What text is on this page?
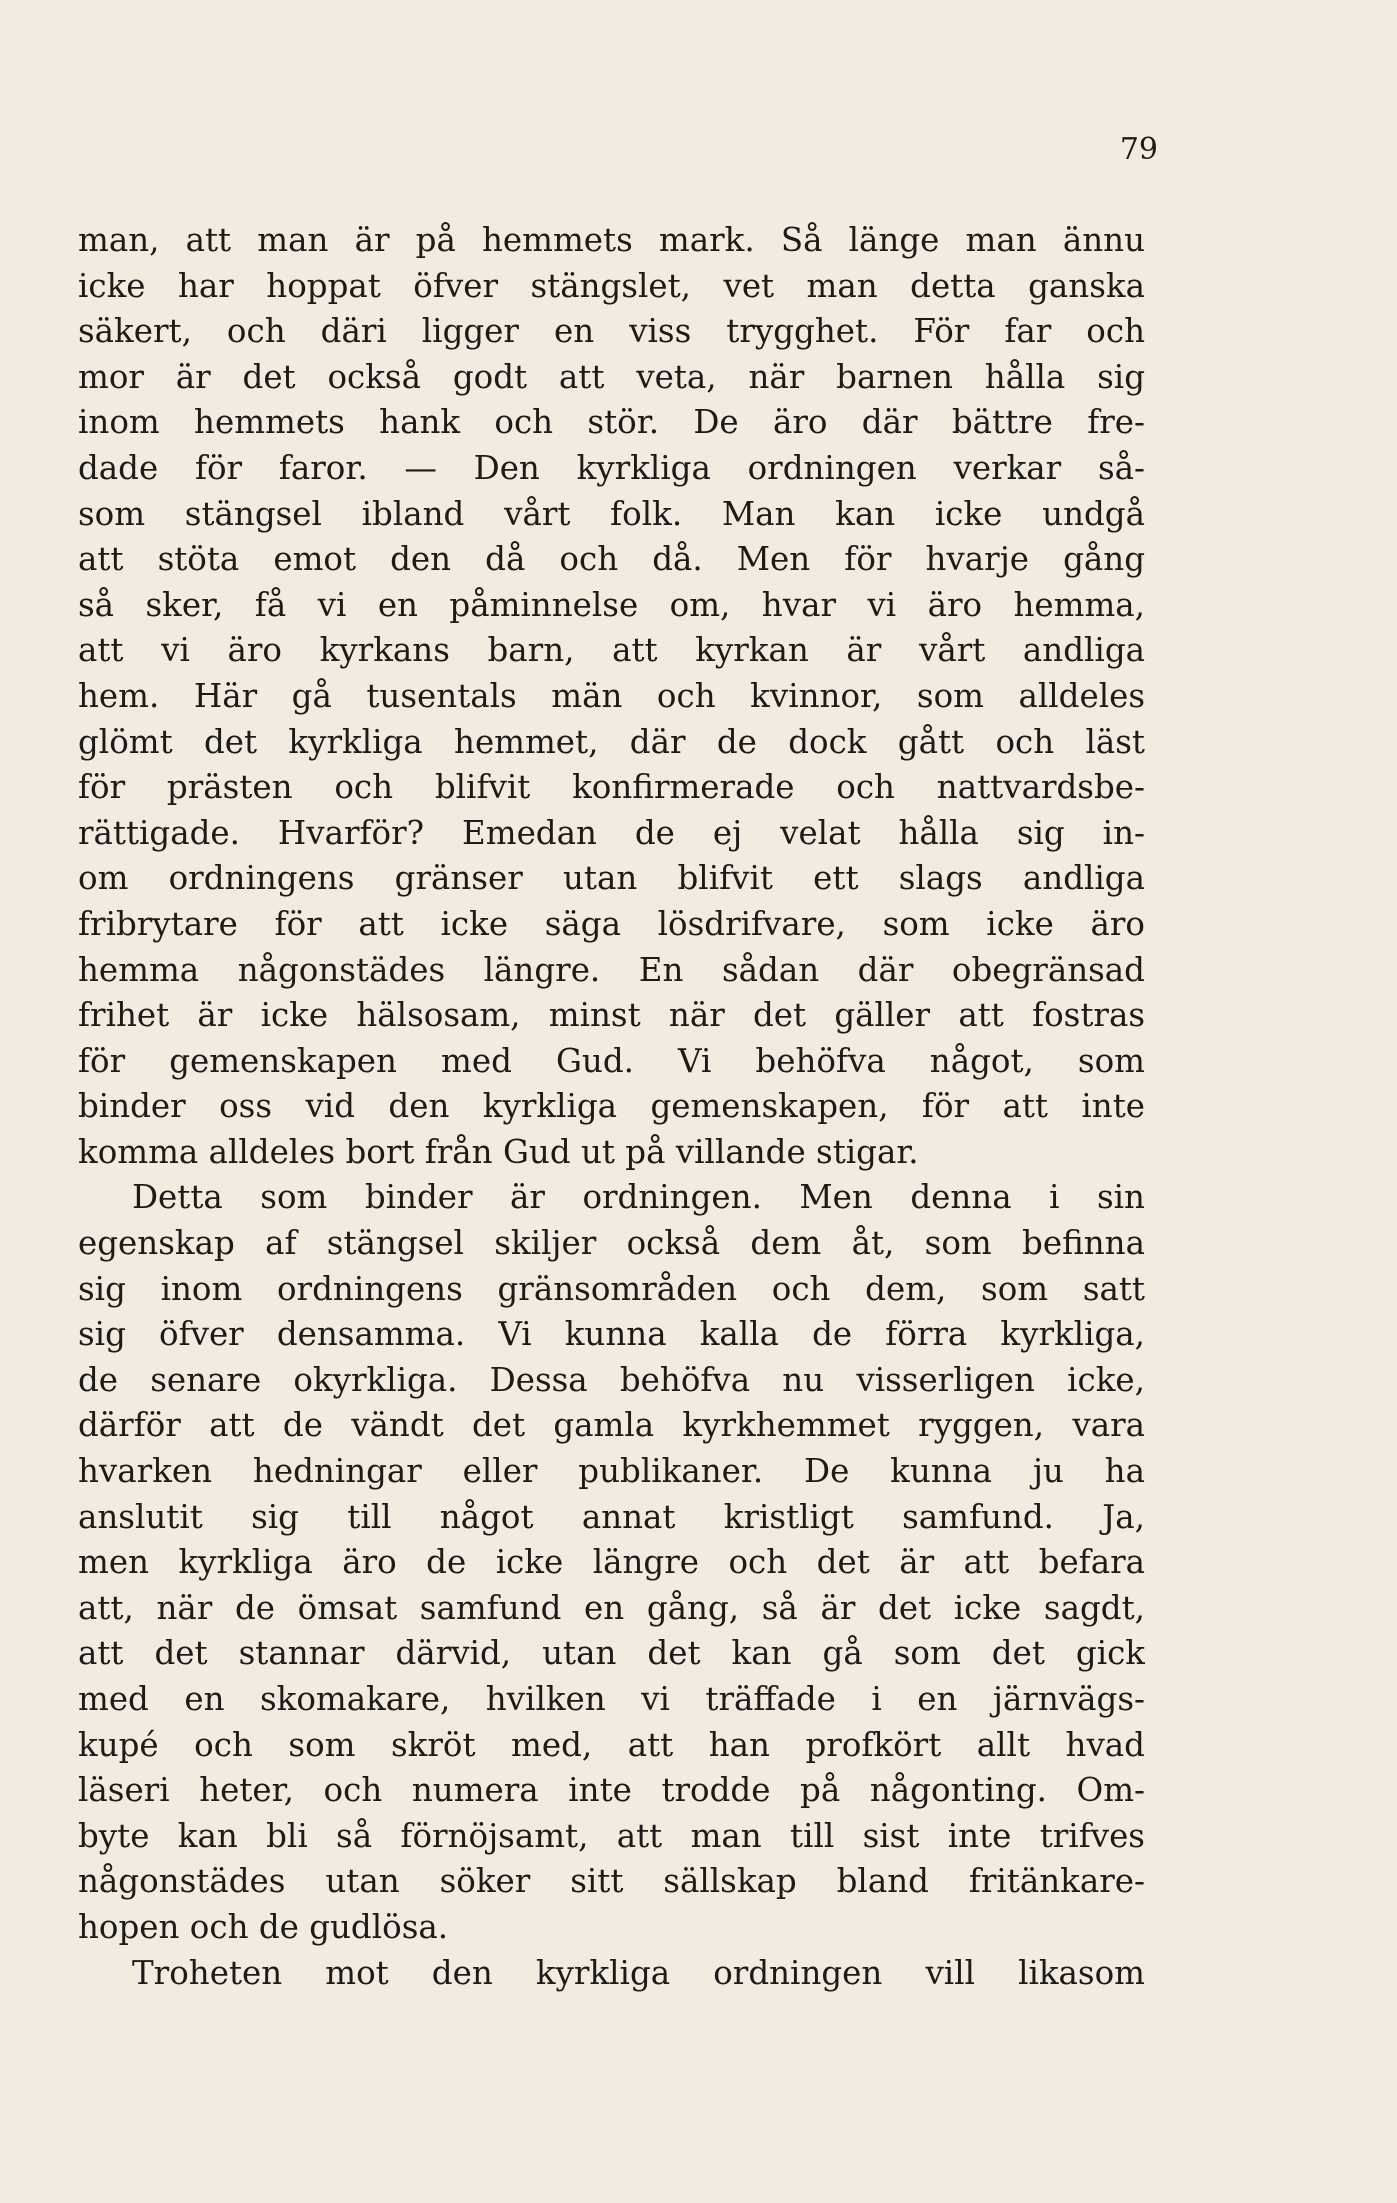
79
man, att man är på hemmets mark. Så länge man ännu
icke har hoppat öfver stängslet, vet man detta ganska
säkert, och däri ligger en viss trygghet. För far och
mor är det också godt att veta, när barnen hålla sig
inom hemmets hank och stör. De äro där bättre fre-
dade för faror. — Den kyrkliga ordningen verkar så-
som stängsel ibland vårt folk. Man kan icke undgå
att stöta emot den då och då. Men för hvarje gång
så sker, få vi en påminnelse om, hvar vi äro hemma,
att vi äro kyrkans barn, att kyrkan är vårt andliga
hem. Här gå tusentals män och kvinnor, som alldeles
glömt det kyrkliga hemmet, där de dock gått och läst
för prästen och blifvit konfirmerade och nattvardsbe-
rättigade. Hvarför? Emedan de ej velat hålla sig in-
om ordningens gränser utan blifvit ett slags andliga
fribrytare för att icke säga lösdrifvare, som icke äro
hemma någonstädes längre. En sådan där obegränsad
frihet är icke hälsosam, minst när det gäller att fostras
för gemenskapen med Gud. Vi behöfva något, som
binder oss vid den kyrkliga gemenskapen, för att inte
komma alldeles bort från Gud ut på villande stigar.
Detta som binder är ordningen. Men denna i sin
egenskap af stängsel skiljer också dem åt, som befinna
sig inom ordningens gränsområden och dem, som satt
sig öfver densamma. Vi kunna kalla de förra kyrkliga,
de senare okyrkliga. Dessa behöfva nu visserligen icke,
därför att de vändt det gamla kyrkhemmet ryggen, vara
hvarken hedningar eller publikaner. De kunna ju ha
anslutit sig till något annat kristligt samfund. Ja,
men kyrkliga äro de icke längre och det är att befara
att, när de ömsat samfund en gång, så är det icke sagdt,
att det stannar därvid, utan det kan gå som det gick
med en skomakare, hvilken vi träffade i en järnvägs-
kupé och som skröt med, att han profkört allt hvad
läseri heter, och numera inte trodde på någonting. Om-
byte kan bli så förnöjsamt, att man till sist inte trifves
någonstädes utan söker sitt sällskap bland fritänkare-
hopen och de gudlösa.
Troheten mot den kyrkliga ordningen vill likasom
